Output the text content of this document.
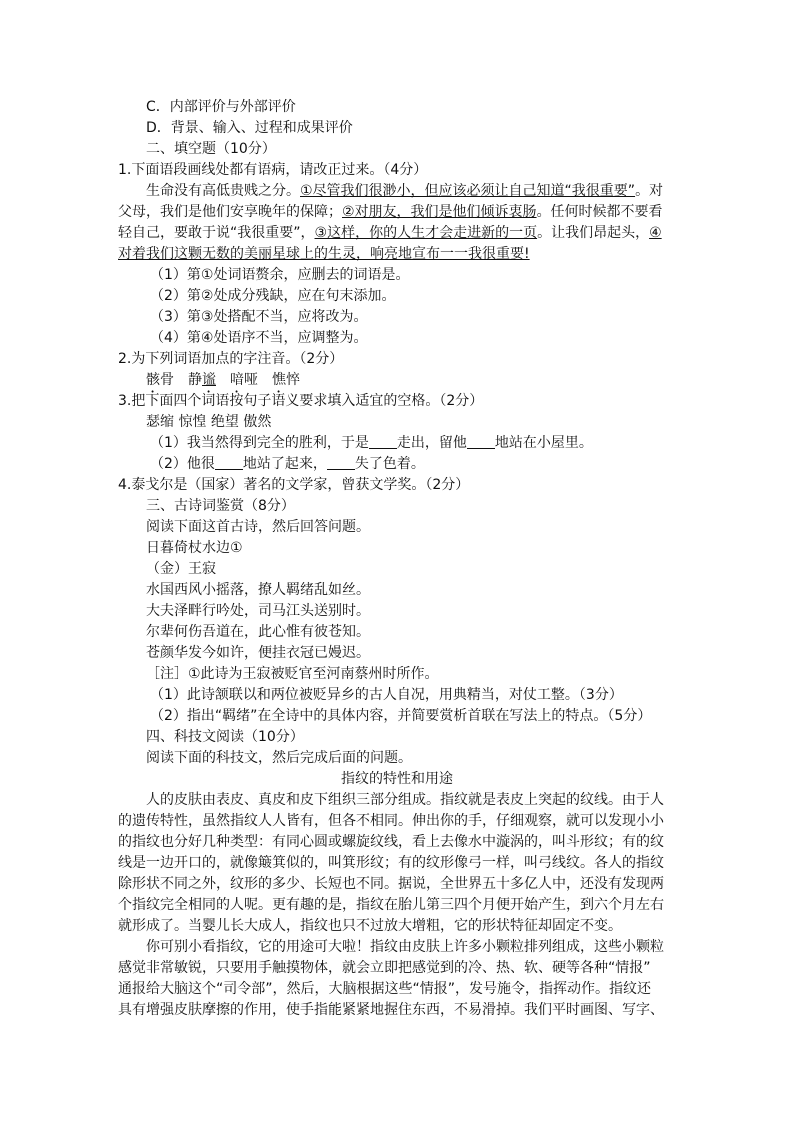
C．内部评价与外部评价
D．背景、输入、过程和成果评价
二、填空题（10分）
1.下面语段画线处都有语病，请改正过来。（4分）
生命没有高低贵贱之分。①尽管我们很渺小，但应该必须让自己知道“我很重要”。对
父母，我们是他们安享晚年的保障；②对朋友，我们是他们倾诉衷肠。任何时候都不要看
轻自己，要敢于说“我很重要”，③这样，你的人生才会走进新的一页。让我们昂起头，④
对着我们这颗无数的美丽星球上的生灵，响亮地宣布一一我很重要!
（1）第①处词语赘余，应删去的词语是。
（2）第②处成分残缺，应在句末添加。
（3）第③处搭配不当，应将改为。
（4）第④处语序不当，应调整为。
2.为下列词语加点的字注音。（2分）
骸骨 静谧 喑哑 憔悴
3.把下面四个词语按句子语义要求填入适宜的空格。（2分）
瑟缩 惊惶 绝望 傲然
（1）我当然得到完全的胜利，于是 走出，留他 地站在小屋里。
（2）他很 地站了起来， 失了色着。
4.泰戈尔是（国家）著名的文学家，曾获文学奖。（2分）
三、古诗词鉴赏（8分）
阅读下面这首古诗，然后回答问题。
日暮倚杖水边①
（金）王寂
水国西风小摇落，撩人羁绪乱如丝。
大夫泽畔行吟处，司马江头送别时。
尔辈何伤吾道在，此心惟有彼苍知。
苍颜华发今如许，便挂衣冠已嫚迟。
［注］①此诗为王寂被贬官至河南蔡州时所作。
（1）此诗颔联以和两位被贬异乡的古人自况，用典精当，对仗工整。（3分）
（2）指出“羁绪”在全诗中的具体内容，并简要赏析首联在写法上的特点。（5分）
四、科技文阅读（10分）
阅读下面的科技文，然后完成后面的问题。
指纹的特性和用途
人的皮肤由表皮、真皮和皮下组织三部分组成。指纹就是表皮上突起的纹线。由于人
的遗传特性，虽然指纹人人皆有，但各不相同。伸出你的手，仔细观察，就可以发现小小
的指纹也分好几种类型：有同心圆或螺旋纹线，看上去像水中漩涡的，叫斗形纹；有的纹
线是一边开口的，就像簸箕似的，叫箕形纹；有的纹形像弓一样，叫弓线纹。各人的指纹
除形状不同之外，纹形的多少、长短也不同。据说，全世界五十多亿人中，还没有发现两
个指纹完全相同的人呢。更有趣的是，指纹在胎儿第三四个月便开始产生，到六个月左右
就形成了。当婴儿长大成人，指纹也只不过放大增粗，它的形状特征却固定不变。
你可别小看指纹，它的用途可大啦！指纹由皮肤上许多小颗粒排列组成，这些小颗粒
感觉非常敏锐，只要用手触摸物体，就会立即把感觉到的冷、热、软、硬等各种“情报”
通报给大脑这个“司令部”，然后，大脑根据这些“情报”，发号施令，指挥动作。指纹还
具有增强皮肤摩擦的作用，使手指能紧紧地握住东西，不易滑掉。我们平时画图、写字、
